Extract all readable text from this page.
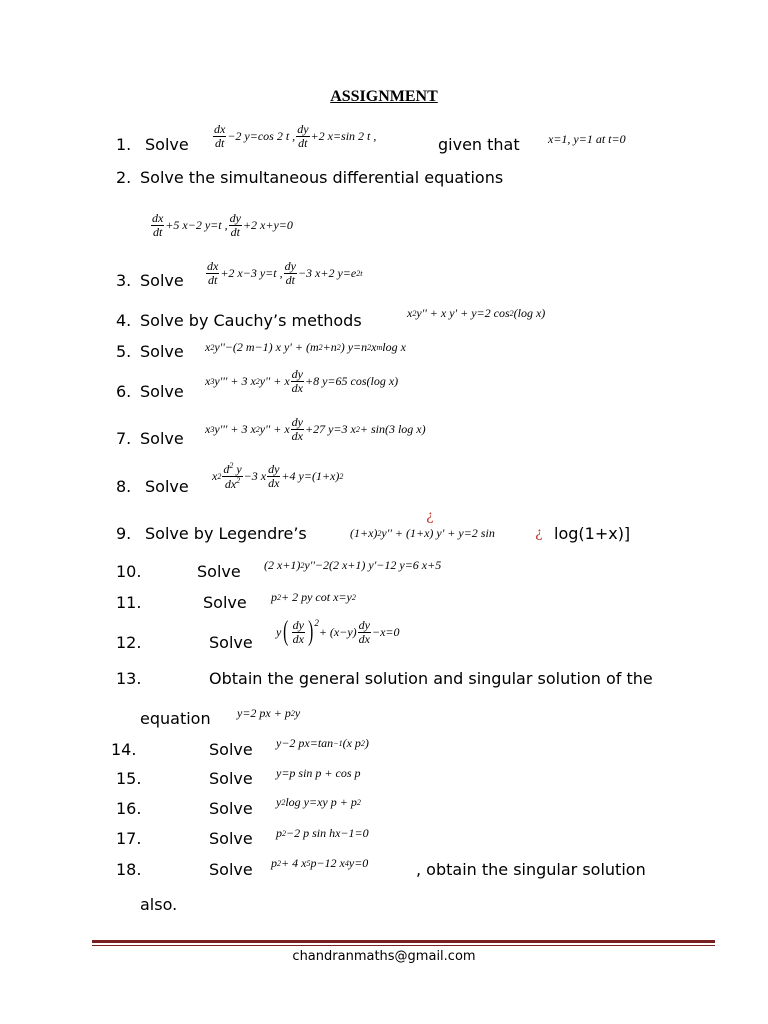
ASSIGNMENT
1. Solve
dx
dt −2 y=cos 2 t , dy
dt +2 x=sin 2 t ,	given that x=1, y=1 at t=0
2. Solve the simultaneous differential equations
dx
dt +5 x−2 y=t , dy
dt +2 x+y=0
3. Solve
dx
dt +2 x−3 y=t , dy
dt −3 x+2 y=e 2t
4. Solve by Cauchy’s methods	x 2 y'' + x y' + y=2 cos 2 (log x)
5. Solve x 2 y''−(2 m−1) x y' + (m 2 +n 2 ) y=n 2 x m log x
6. Solve
x 3 y''' + 3 x 2 y'' + x dy
dx +8 y=65 cos(log x)
7. Solve
x 3 y''' + 3 x 2 y'' + x dy
dx +27 y=3 x 2 + sin(3 log x)
8. Solve
x 2
$d^2$ y
$dx^2 -3$ x dy
dx +4 y=(1+x) 2
9. Solve by Legendre’s	(1+x) 2 y'' + (1+x) y' + y=2 sin
¿
¿ log(1+x)]
10.	Solve (2 x+1) 2 y''−2(2 x+1) y'−12 y=6 x+5
11.	Solve p 2 + 2 py cot x=y 2
12.	Solve
y ( dy
dx ) 2
+ (x−y) dy
dx −x=0
13.	Obtain the general solution and singular solution of the
equation y=2 px + p 2 y
14.	Solve y−2 px=tan −1 (x p 2 )
15.	Solve y=p sin p + cos p
16.	Solve y 2 log y=xy p + p 2
17.	Solve p 2 −2 p sin hx−1=0
18.	Solve p 2 + 4 x 5 p−12 x 4 y=0	, obtain the singular solution
also.
chandranmaths@gmail.com
